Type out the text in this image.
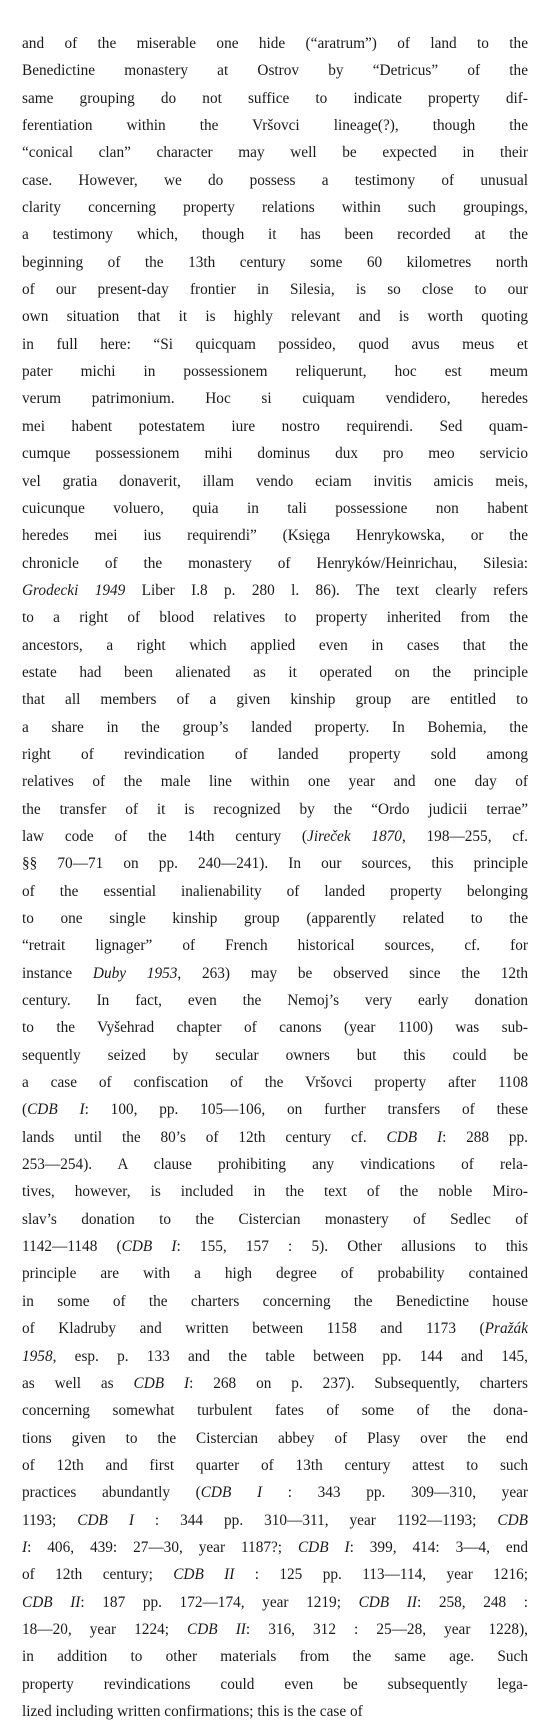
and of the miserable one hide (“aratrum”) of land to the
Benedictine monastery at Ostrov by “Detricus” of the
same grouping do not suffice to indicate property dif-
ferentiation within the Vršovci lineage(?), though the
“conical clan” character may well be expected in their
case. However, we do possess a testimony of unusual
clarity concerning property relations within such groupings,
a testimony which, though it has been recorded at the
beginning of the 13th century some 60 kilometres north
of our present-day frontier in Silesia, is so close to our
own situation that it is highly relevant and is worth quoting
in full here: “Si quicquam possideo, quod avus meus et
pater michi in possessionem reliquerunt, hoc est meum
verum patrimonium. Hoc si cuiquam vendidero, heredes
mei habent potestatem iure nostro requirendi. Sed quam-
cumque possessionem mihi dominus dux pro meo servicio
vel gratia donaverit, illam vendo eciam invitis amicis meis,
cuicunque voluero, quia in tali possessione non habent
heredes mei ius requirendi” (Księga Henrykowska, or the
chronicle of the monastery of Henryków/Heinrichau, Silesia:
Grodecki 1949 Liber I.8 p. 280 l. 86). The text clearly refers
to a right of blood relatives to property inherited from the
ancestors, a right which applied even in cases that the
estate had been alienated as it operated on the principle
that all members of a given kinship group are entitled to
a share in the group’s landed property. In Bohemia, the
right of revindication of landed property sold among
relatives of the male line within one year and one day of
the transfer of it is recognized by the “Ordo judicii terrae”
law code of the 14th century (Jireček 1870, 198—255, cf.
§§ 70—71 on pp. 240—241). In our sources, this principle
of the essential inalienability of landed property belonging
to one single kinship group (apparently related to the
“retrait lignager” of French historical sources, cf. for
instance Duby 1953, 263) may be observed since the 12th
century. In fact, even the Nemoj’s very early donation
to the Vyšehrad chapter of canons (year 1100) was sub-
sequently seized by secular owners but this could be
a case of confiscation of the Vršovci property after 1108
(CDB I: 100, pp. 105—106, on further transfers of these
lands until the 80’s of 12th century cf. CDB I: 288 pp.
253—254). A clause prohibiting any vindications of rela-
tives, however, is included in the text of the noble Miro-
slav’s donation to the Cistercian monastery of Sedlec of
1142—1148 (CDB I: 155, 157 : 5). Other allusions to this
principle are with a high degree of probability contained
in some of the charters concerning the Benedictine house
of Kladruby and written between 1158 and 1173 (Pražák
1958, esp. p. 133 and the table between pp. 144 and 145,
as well as CDB I: 268 on p. 237). Subsequently, charters
concerning somewhat turbulent fates of some of the dona-
tions given to the Cistercian abbey of Plasy over the end
of 12th and first quarter of 13th century attest to such
practices abundantly (CDB I : 343 pp. 309—310, year
1193; CDB I : 344 pp. 310—311, year 1192—1193; CDB
I: 406, 439: 27—30, year 1187?; CDB I: 399, 414: 3—4, end
of 12th century; CDB II : 125 pp. 113—114, year 1216;
CDB II: 187 pp. 172—174, year 1219; CDB II: 258, 248 :
18—20, year 1224; CDB II: 316, 312 : 25—28, year 1228),
in addition to other materials from the same age. Such
property revindications could even be subsequently lega-
lized including written confirmations; this is the case of
